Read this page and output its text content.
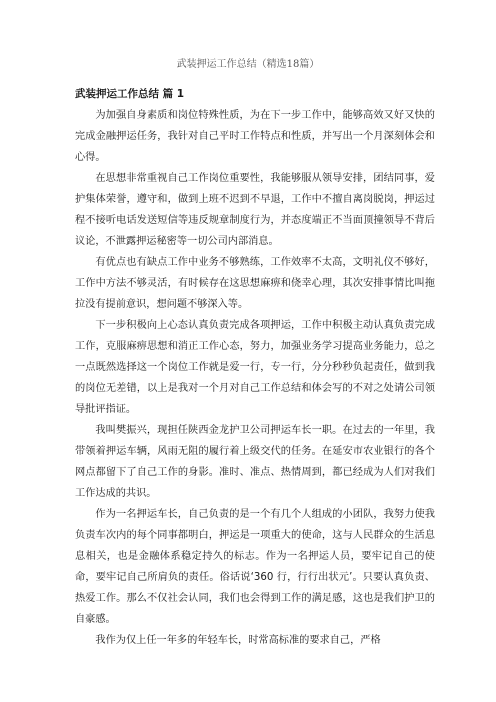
武装押运工作总结（精选18篇）

武装押运工作总结 篇 1

为加强自身素质和岗位特殊性质，为在下一步工作中，能够高效又好又快的完成金融押运任务，我针对自己平时工作特点和性质，并写出一个月深刻体会和心得。

在思想非常重视自己工作岗位重要性，我能够服从领导安排，团结同事，爱护集体荣誉，遵守和，做到上班不迟到不早退，工作中不擅自离岗脱岗，押运过程不接听电话发送短信等违反规章制度行为，并态度端正不当面顶撞领导不背后议论，不泄露押运秘密等一切公司内部消息。

有优点也有缺点工作中业务不够熟练，工作效率不太高，文明礼仪不够好，工作中方法不够灵活，有时候存在这思想麻痹和侥幸心理，其次安排事情比叫拖拉没有提前意识，想问题不够深入等。

下一步积极向上心态认真负责完成各项押运，工作中积极主动认真负责完成工作，克服麻痹思想和消正工作心态，努力，加强业务学习提高业务能力，总之一点既然选择这一个岗位工作就是爱一行，专一行，分分秒秒负起责任，做到我的岗位无差错，以上是我对一个月对自己工作总结和体会写的不对之处请公司领导批评指证。

我叫樊振兴，现担任陕西金龙护卫公司押运车长一职。在过去的一年里，我带领着押运车辆，风雨无阻的履行着上级交代的任务。在延安市农业银行的各个网点都留下了自己工作的身影。准时、准点、热情周到，都已经成为人们对我们工作达成的共识。

作为一名押运车长，自己负责的是一个有几个人组成的小团队，我努力使我负责车次内的每个同事都明白，押运是一项重大的使命，这与人民群众的生活息息相关，也是金融体系稳定持久的标志。作为一名押运人员，要牢记自己的使命，要牢记自己所肩负的责任。俗话说‘360 行，行行出状元’。只要认真负责、热爱工作。那么不仅社会认同，我们也会得到工作的满足感，这也是我们护卫的自豪感。

我作为仅上任一年多的年轻车长，时常高标准的要求自己，严格
